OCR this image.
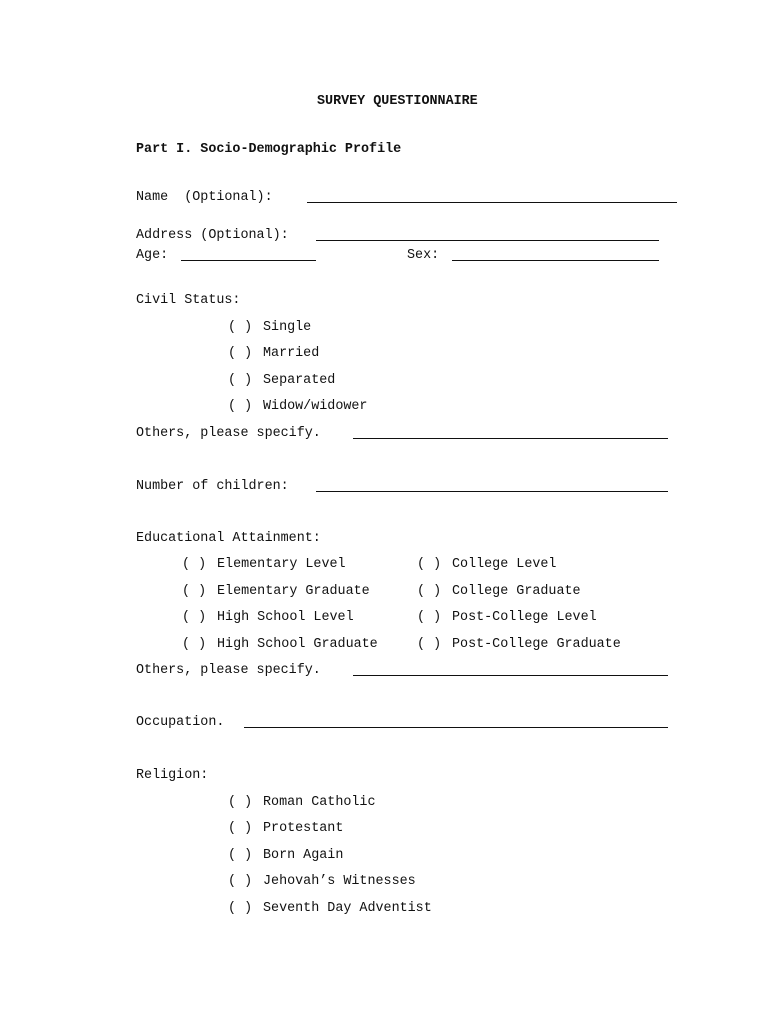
SURVEY QUESTIONNAIRE
Part I. Socio-Demographic Profile
Name  (Optional):
Address (Optional):
Age:	Sex:
Civil Status:
( ) Single
( ) Married
( ) Separated
( ) Widow/widower
Others, please specify.
Number of children:
Educational Attainment:
( ) Elementary Level	( ) College Level
( ) Elementary Graduate	( ) College Graduate
( ) High School Level	( ) Post-College Level
( ) High School Graduate	( ) Post-College Graduate
Others, please specify.
Occupation.
Religion:
( ) Roman Catholic
( ) Protestant
( ) Born Again
( ) Jehovah’s Witnesses
( ) Seventh Day Adventist
